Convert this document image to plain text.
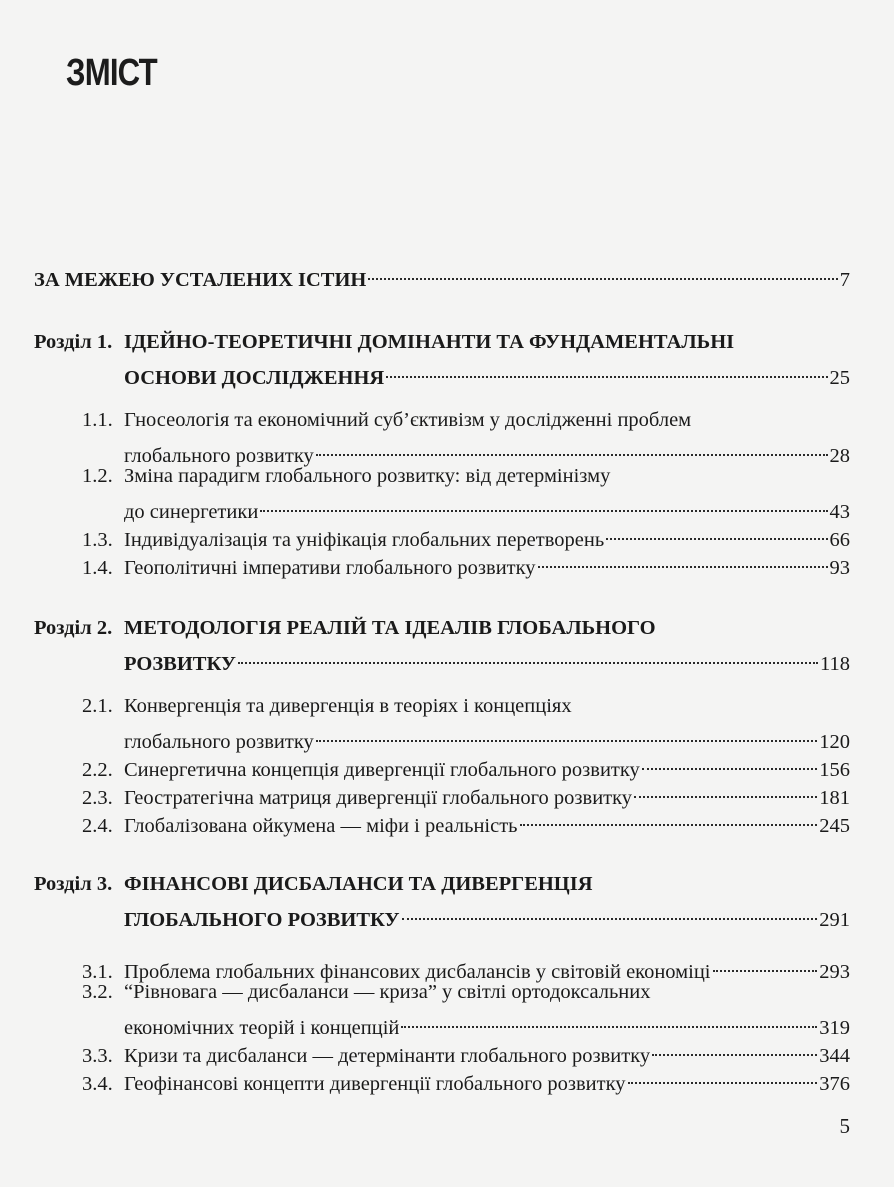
ЗМІСТ
ЗА МЕЖЕЮ УСТАЛЕНИХ ІСТИН	7
Розділ 1. ІДЕЙНО-ТЕОРЕТИЧНІ ДОМІНАНТИ ТА ФУНДАМЕНТАЛЬНІ
ОСНОВИ ДОСЛІДЖЕННЯ	25
1.1. Гносеологія та економічний суб’єктивізм у дослідженні проблем
глобального розвитку	28
1.2. Зміна парадигм глобального розвитку: від детермінізму
до синергетики	43
1.3. Індивідуалізація та уніфікація глобальних перетворень	66
1.4. Геополітичні імперативи глобального розвитку	93
Розділ 2. МЕТОДОЛОГІЯ РЕАЛІЙ ТА ІДЕАЛІВ ГЛОБАЛЬНОГО
РОЗВИТКУ	118
2.1. Конвергенція та дивергенція в теоріях і концепціях
глобального розвитку	120
2.2. Синергетична концепція дивергенції глобального розвитку	156
2.3. Геостратегічна матриця дивергенції глобального розвитку	181
2.4. Глобалізована ойкумена — міфи і реальність	245
Розділ 3. ФІНАНСОВІ ДИСБАЛАНСИ ТА ДИВЕРГЕНЦІЯ
ГЛОБАЛЬНОГО РОЗВИТКУ	291
3.1. Проблема глобальних фінансових дисбалансів у світовій економіці	293
3.2. “Рівновага — дисбаланси — криза” у світлі ортодоксальних
економічних теорій і концепцій	319
3.3. Кризи та дисбаланси — детермінанти глобального розвитку	344
3.4. Геофінансові концепти дивергенції глобального розвитку	376
5
